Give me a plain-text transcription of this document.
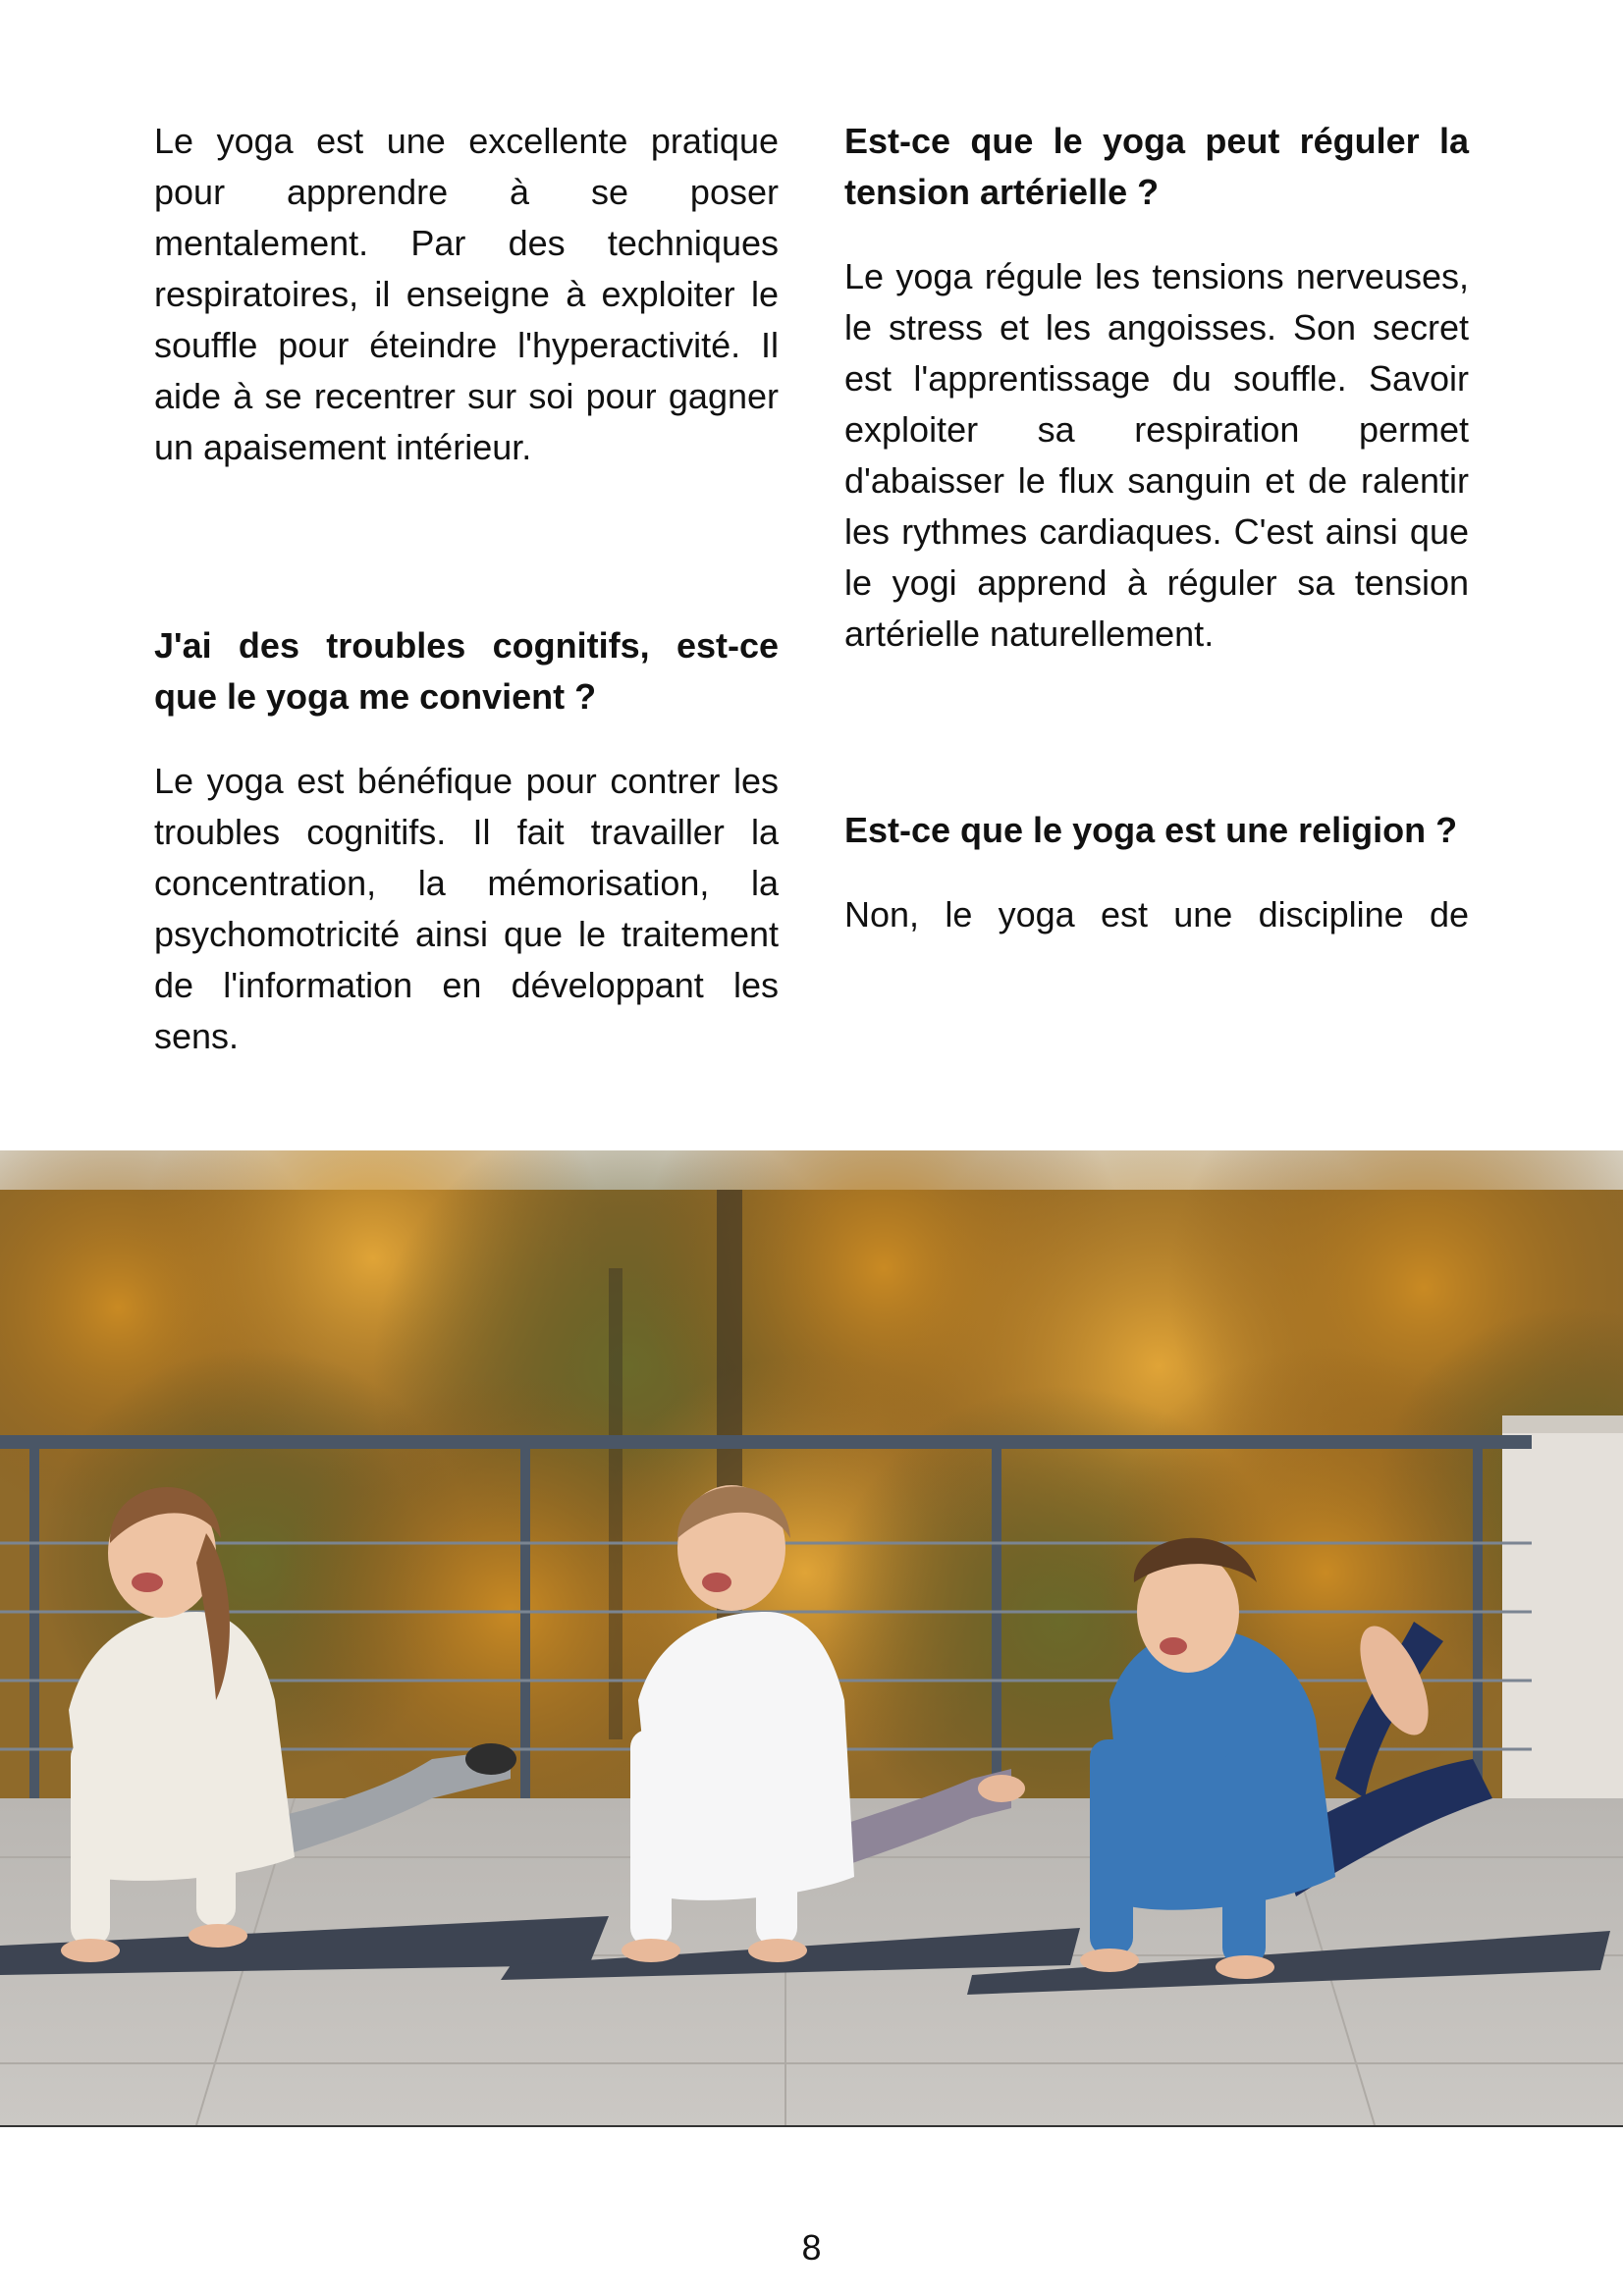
Le yoga est une excellente pratique pour apprendre à se poser mentalement. Par des techniques respiratoires, il enseigne à exploiter le souffle pour éteindre l'hyperactivité. Il aide à se recentrer sur soi pour gagner un apaisement intérieur.

J'ai des troubles cognitifs, est-ce que le yoga me convient ?

Le yoga est bénéfique pour contrer les troubles cognitifs. Il fait travailler la concentration, la mémorisation, la psychomotricité ainsi que le traitement de l'information en développant les sens.

Est-ce que le yoga peut réguler la tension artérielle ?

Le yoga régule les tensions nerveuses, le stress et les angoisses. Son secret est l'apprentissage du souffle. Savoir exploiter sa respiration permet d'abaisser le flux sanguin et de ralentir les rythmes cardiaques. C'est ainsi que le yogi apprend à réguler sa tension artérielle naturellement.

Est-ce que le yoga est une religion ?

Non, le yoga est une discipline de

8
